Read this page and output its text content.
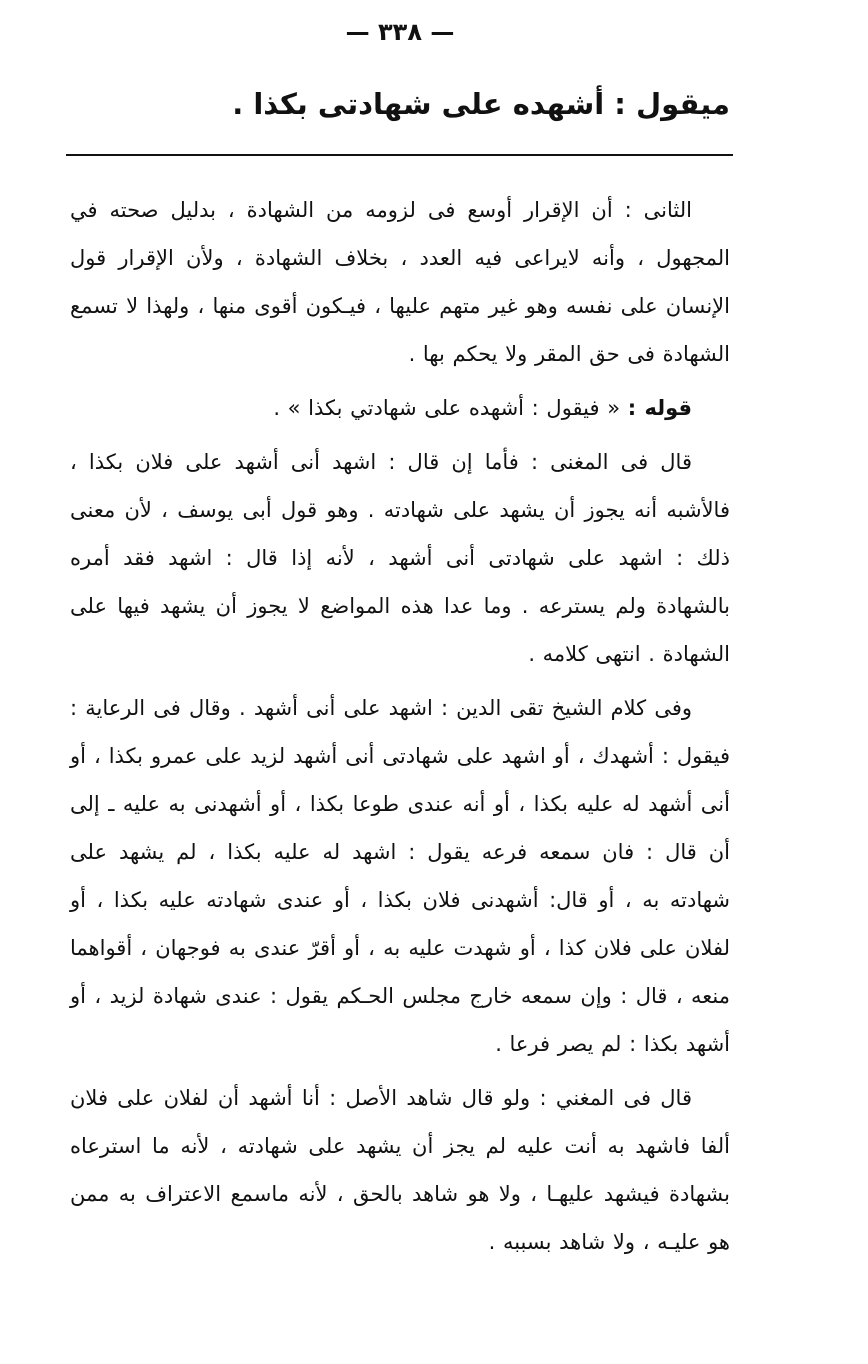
— ٣٣٨ —
ميقول : أشهده على شهادتى بكذا .

الثانى : أن الإقرار أوسع فى لزومه من الشهادة ، بدليل صحته في المجهول ، وأنه لايراعى فيه العدد ، بخلاف الشهادة ، ولأن الإقرار قول الإنسان على نفسه وهو غير متهم عليها ، فيـكون أقوى منها ، ولهذا لا تسمع الشهادة فى حق المقر ولا يحكم بها .

قوله : « فيقول : أشهده على شهادتي بكذا » .

قال فى المغنى : فأما إن قال : اشهد أنى أشهد على فلان بكذا ، فالأشبه أنه يجوز أن يشهد على شهادته . وهو قول أبى يوسف ، لأن معنى ذلك : اشهد على شهادتى أنى أشهد ، لأنه إذا قال : اشهد فقد أمره بالشهادة ولم يسترعه . وما عدا هذه المواضع لا يجوز أن يشهد فيها على الشهادة . انتهى كلامه .

وفى كلام الشيخ تقى الدين : اشهد على أنى أشهد . وقال فى الرعاية : فيقول : أشهدك ، أو اشهد على شهادتى أنى أشهد لزيد على عمرو بكذا ، أو أنى أشهد له عليه بكذا ، أو أنه عندى طوعا بكذا ، أو أشهدنى به عليه ـ إلى أن قال : فان سمعه فرعه يقول : اشهد له عليه بكذا ، لم يشهد على شهادته به ، أو قال: أشهدنى فلان بكذا ، أو عندى شهادته عليه بكذا ، أو لفلان على فلان كذا ، أو شهدت عليه به ، أو أقرّ عندى به فوجهان ، أقواهما منعه ، قال : وإن سمعه خارج مجلس الحـكم يقول : عندى شهادة لزيد ، أو أشهد بكذا : لم يصر فرعا .

قال فى المغني : ولو قال شاهد الأصل : أنا أشهد أن لفلان على فلان ألفا فاشهد به أنت عليه لم يجز أن يشهد على شهادته ، لأنه ما استرعاه بشهادة فيشهد عليهـا ، ولا هو شاهد بالحق ، لأنه ماسمع الاعتراف به ممن هو عليـه ، ولا شاهد بسببه .
